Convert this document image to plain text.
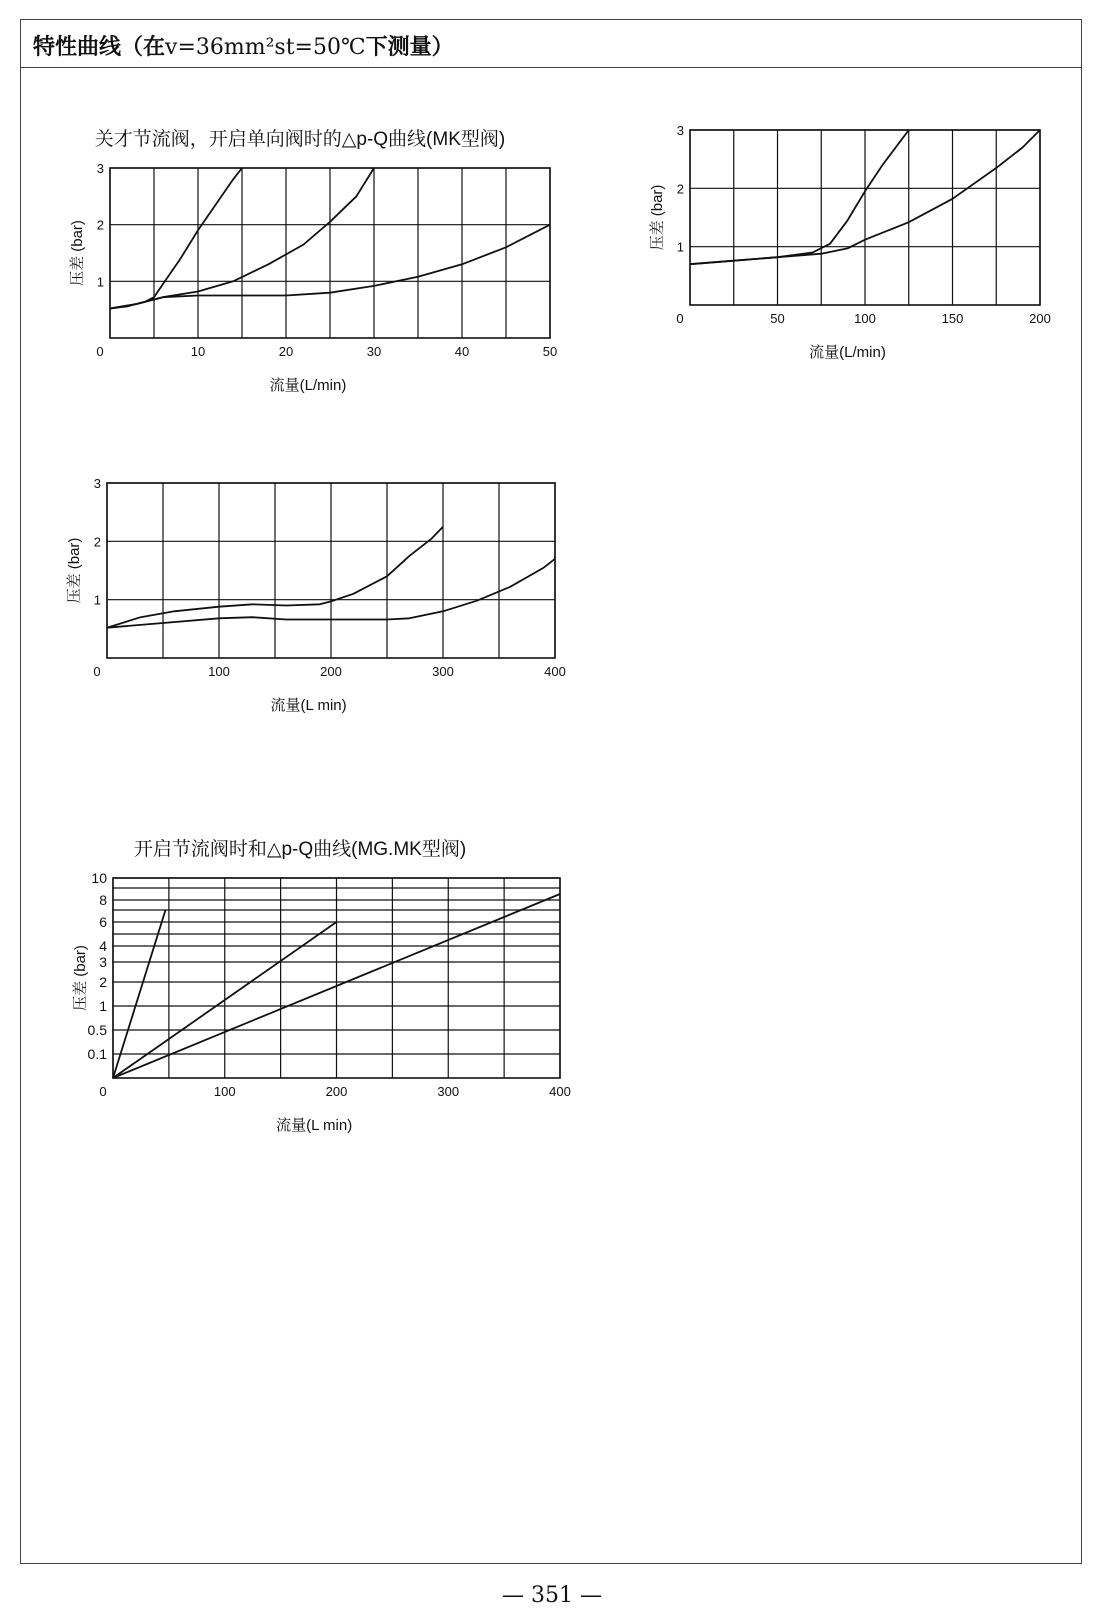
特性曲线（在v=36mm²st=50℃下测量）
关才节流阀，开启单向阀时的△p-Q曲线(MK型阀)
0	10	20	30	40	50
1
2
3
流量(L/min)
压差 (bar)
0	50	100	150	200
1
2
3
流量(L/min)
压差 (bar)
0	100	200	300	400
1
2
3
流量(L min)
压差 (bar)
开启节流阀时和△p-Q曲线(MG.MK型阀)
0	100	200	300	400
0.1
0.5
1
2
3
4
6
8
10
流量(L min)
压差 (bar)
— 351 —
